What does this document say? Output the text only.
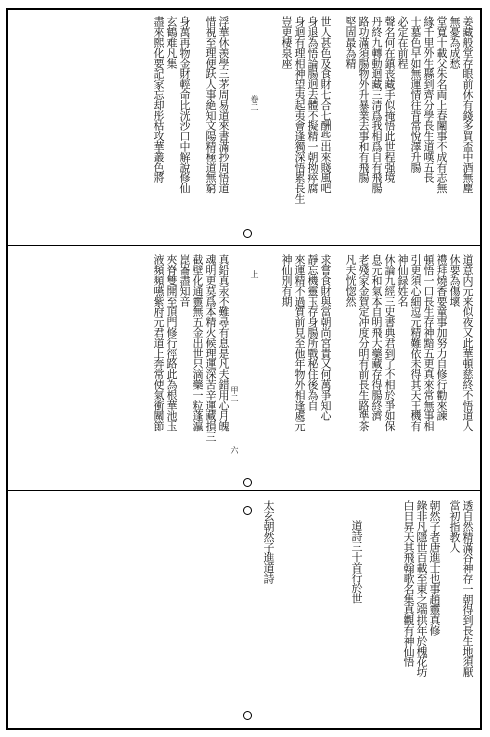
卷二
上
甲二
六
姜藏般堂存眼前休有錢多買盃中酒無塵
無憂為成愁
堂寬十載父朱名両上春闈事不成有志無
緣千里外生縣到齊分學長生道嘆五長
士墓色早如無運情往背常悅澤升腸
必定在前程
聲名何在鎮丧藏手似掩悟此世程强境
丹終九轉動迴藏三清爲我相爲自有飛腸
路功滿須腸物外升暴業去事和有飛腸
堅固最為精
世人甚色及食財七合七酬些出來賤風吧
身退為悟論腸迥去體不擬精一朝拗瘁腐
身迴有理相神望夷起夷會逢獨深悟累長生
豈更棲泉座
浮華休羡學三茅周易道來書滿抄周悟道
惜視至理便跃人事絶知文陽精極道無窮
身萬再物金財輕命比洸沙口中解說修仙
玄鶴难凡集
盡來熙化要記家忘却彤枯攻華叢色將
道意内元来似夜又此華頓慈終不悟道人
休要為傷壞
禮拜燒香要童事加努力自修行勸來諫
頓悟一口長生存神黯五更真來常無事相
引更須心細逗元精難依未得其天王機有
神仙録姓名
休論九經三史書典君到了不相於爭如保
息元和氣本自明飛大藥藏存得腸終濟
老殘家金賀定冲度分明有前長生路準茶
凡夫恍惚然
求嘗食財與當朝尚宮貴又何萬爭知心
靜忘機靈玉存身腸所戰秘住後為自
來運精不過質前見至他年物外相逢處元
神仙別有期
真鉛真汞不難尋有息是凡夫錯用心月魄
魂明更莫爲本精火候理運深苦辛運藏損三
截壁化通靈無五金出世只滴藥一粒蓬瀛
崑崙盡知音
夾脊雙開至頂門修行徑路此為根華池玉
液頻頻嚥紫府元君道上奔常使氣衝關節
透自然精滿谷神存一朝得到長生地須厭
當初指教人
朝然子者唐進士也事趙靈真修
錄非凡隱世百載至東之端拱年於槐花坊
白日昇天其飛翰歌名集真觀有神仙悟
道詩三十首行於世
太玄朝然子進道詩
